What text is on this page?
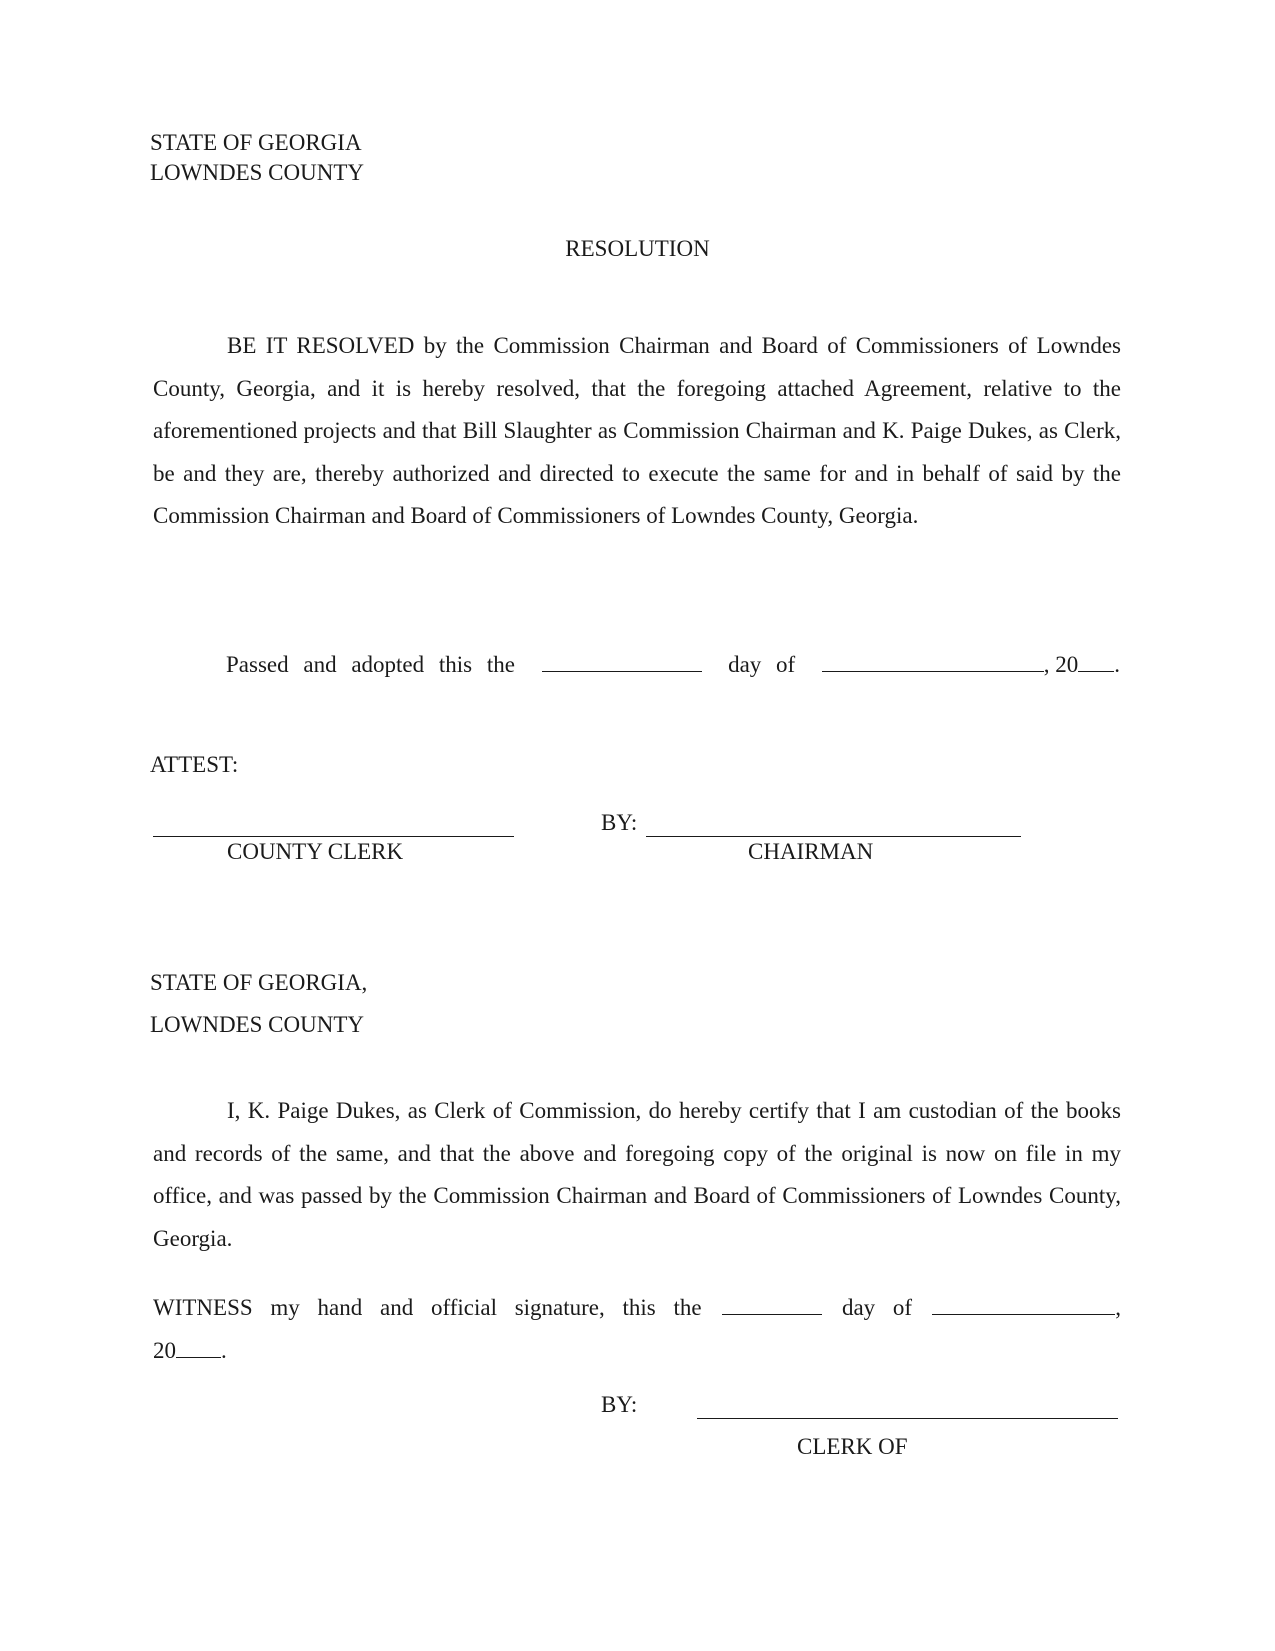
STATE OF GEORGIA
LOWNDES COUNTY
RESOLUTION
BE IT RESOLVED by the Commission Chairman and Board of Commissioners of Lowndes County, Georgia, and it is hereby resolved, that the foregoing attached Agreement, relative to the aforementioned projects and that Bill Slaughter as Commission Chairman and K. Paige Dukes, as Clerk, be and they are, thereby authorized and directed to execute the same for and in behalf of said by the Commission Chairman and Board of Commissioners of Lowndes County, Georgia.
Passed and adopted this the	day of	, 20 .
ATTEST:
BY:
COUNTY CLERK	CHAIRMAN
STATE OF GEORGIA,
LOWNDES COUNTY
I, K. Paige Dukes, as Clerk of Commission, do hereby certify that I am custodian of the books and records of the same, and that the above and foregoing copy of the original is now on file in my office, and was passed by the Commission Chairman and Board of Commissioners of Lowndes County, Georgia.
WITNESS my hand and official signature, this the	day of	,
20 .
BY:
CLERK OF
